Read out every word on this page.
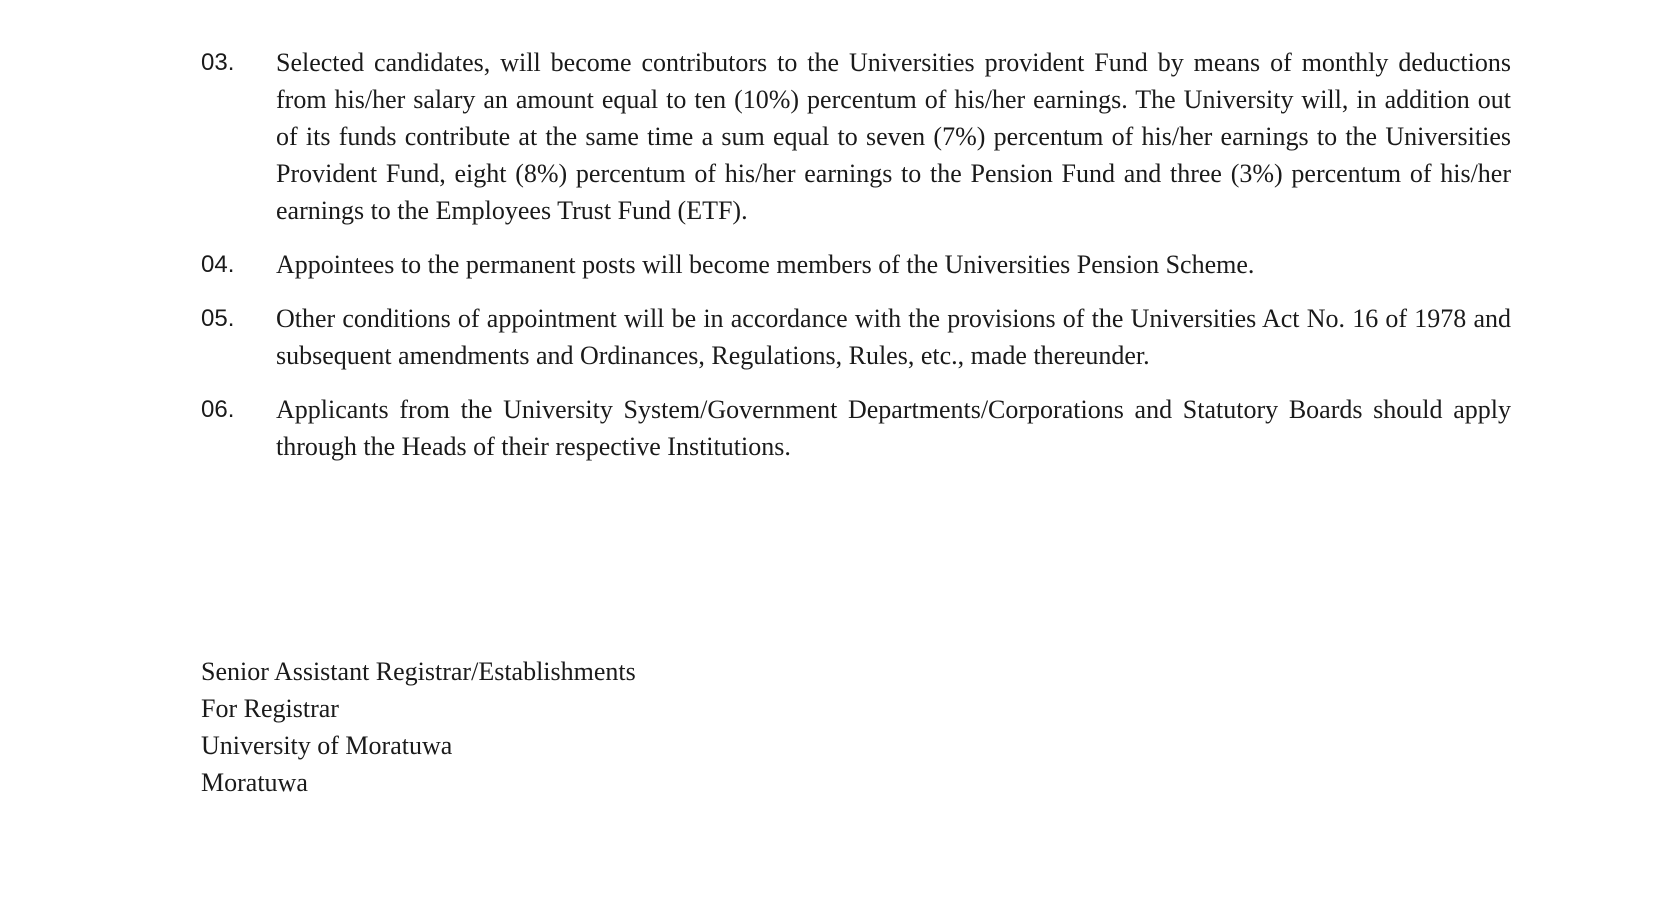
03.	Selected candidates, will become contributors to the Universities provident Fund by means of monthly deductions from his/her salary an amount equal to ten (10%) percentum of his/her earnings. The University will, in addition out of its funds contribute at the same time a sum equal to seven (7%) percentum of his/her earnings to the Universities Provident Fund, eight (8%) percentum of his/her earnings to the Pension Fund and three (3%) percentum of his/her earnings to the Employees Trust Fund (ETF).
04.	Appointees to the permanent posts will become members of the Universities Pension Scheme.
05.	Other conditions of appointment will be in accordance with the provisions of the Universities Act No. 16 of 1978 and subsequent amendments and Ordinances, Regulations, Rules, etc., made thereunder.
06.	Applicants from the University System/Government Departments/Corporations and Statutory Boards should apply through the Heads of their respective Institutions.
Senior Assistant Registrar/Establishments
For Registrar
University of Moratuwa
Moratuwa
